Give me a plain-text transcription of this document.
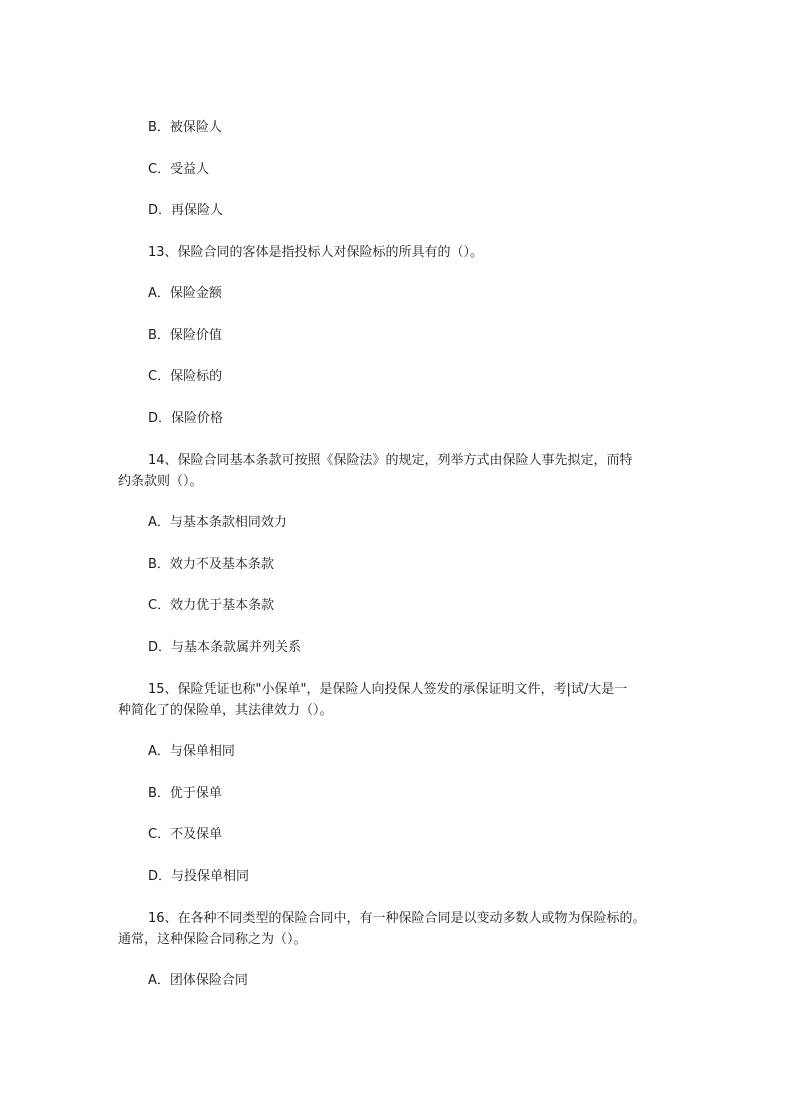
B．被保险人
C．受益人
D．再保险人
13、保险合同的客体是指投标人对保险标的所具有的（）。
A．保险金额
B．保险价值
C．保险标的
D．保险价格
14、保险合同基本条款可按照《保险法》的规定，列举方式由保险人事先拟定，而特
约条款则（）。
A．与基本条款相同效力
B．效力不及基本条款
C．效力优于基本条款
D．与基本条款属并列关系
15、保险凭证也称"小保单"，是保险人向投保人签发的承保证明文件，考|试/大是一
种简化了的保险单，其法律效力（）。
A．与保单相同
B．优于保单
C．不及保单
D．与投保单相同
16、在各种不同类型的保险合同中，有一种保险合同是以变动多数人或物为保险标的。
通常，这种保险合同称之为（）。
A．团体保险合同
